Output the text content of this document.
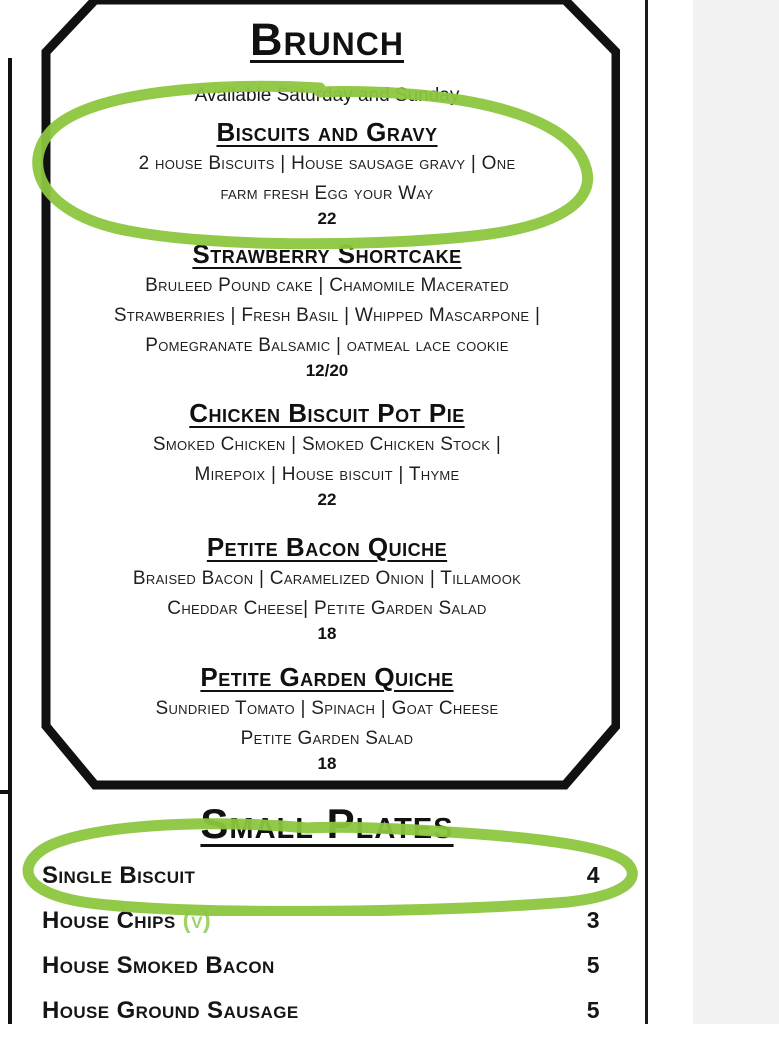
Brunch
Available Saturday and Sunday
Biscuits and Gravy
2 house Biscuits | House sausage gravy | One
farm fresh Egg your Way
22
Strawberry Shortcake
Bruleed Pound cake | Chamomile Macerated
Strawberries | Fresh Basil | Whipped Mascarpone |
Pomegranate Balsamic | oatmeal lace cookie
12/20
Chicken Biscuit Pot Pie
Smoked Chicken | Smoked Chicken Stock |
Mirepoix | House biscuit | Thyme
22
Petite Bacon Quiche
Braised Bacon | Caramelized Onion | Tillamook
Cheddar Cheese| Petite Garden Salad
18
Petite Garden Quiche
Sundried Tomato | Spinach | Goat Cheese
Petite Garden Salad
18
Small Plates
Single Biscuit	4
House Chips (v)	3
House Smoked Bacon	5
House Ground Sausage	5
